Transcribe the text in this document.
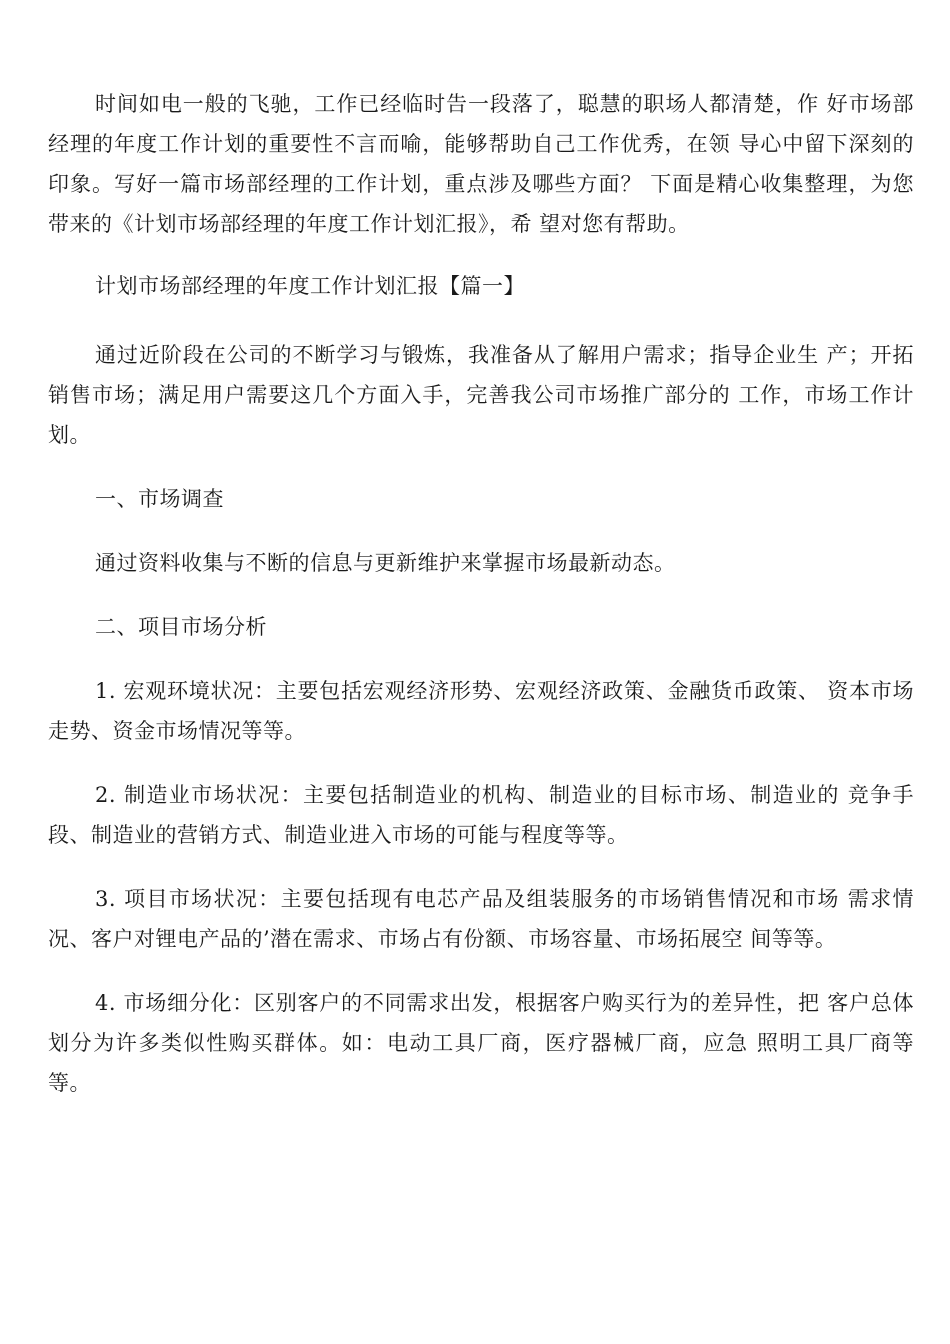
时间如电一般的飞驰，工作已经临时告一段落了，聪慧的职场人都清楚，作 好市场部经理的年度工作计划的重要性不言而喻，能够帮助自己工作优秀，在领 导心中留下深刻的印象。写好一篇市场部经理的工作计划，重点涉及哪些方面？ 下面是精心收集整理，为您带来的《计划市场部经理的年度工作计划汇报》，希 望对您有帮助。

计划市场部经理的年度工作计划汇报【篇一】

通过近阶段在公司的不断学习与锻炼，我准备从了解用户需求；指导企业生 产；开拓销售市场；满足用户需要这几个方面入手，完善我公司市场推广部分的 工作，市场工作计划。

一、市场调查

通过资料收集与不断的信息与更新维护来掌握市场最新动态。

二、项目市场分析

1. 宏观环境状况：主要包括宏观经济形势、宏观经济政策、金融货币政策、 资本市场走势、资金市场情况等等。

2. 制造业市场状况：主要包括制造业的机构、制造业的目标市场、制造业的 竞争手段、制造业的营销方式、制造业进入市场的可能与程度等等。

3. 项目市场状况：主要包括现有电芯产品及组装服务的市场销售情况和市场 需求情况、客户对锂电产品的’潜在需求、市场占有份额、市场容量、市场拓展空 间等等。

4. 市场细分化：区别客户的不同需求出发，根据客户购买行为的差异性，把 客户总体划分为许多类似性购买群体。如：电动工具厂商，医疗器械厂商，应急 照明工具厂商等等。
